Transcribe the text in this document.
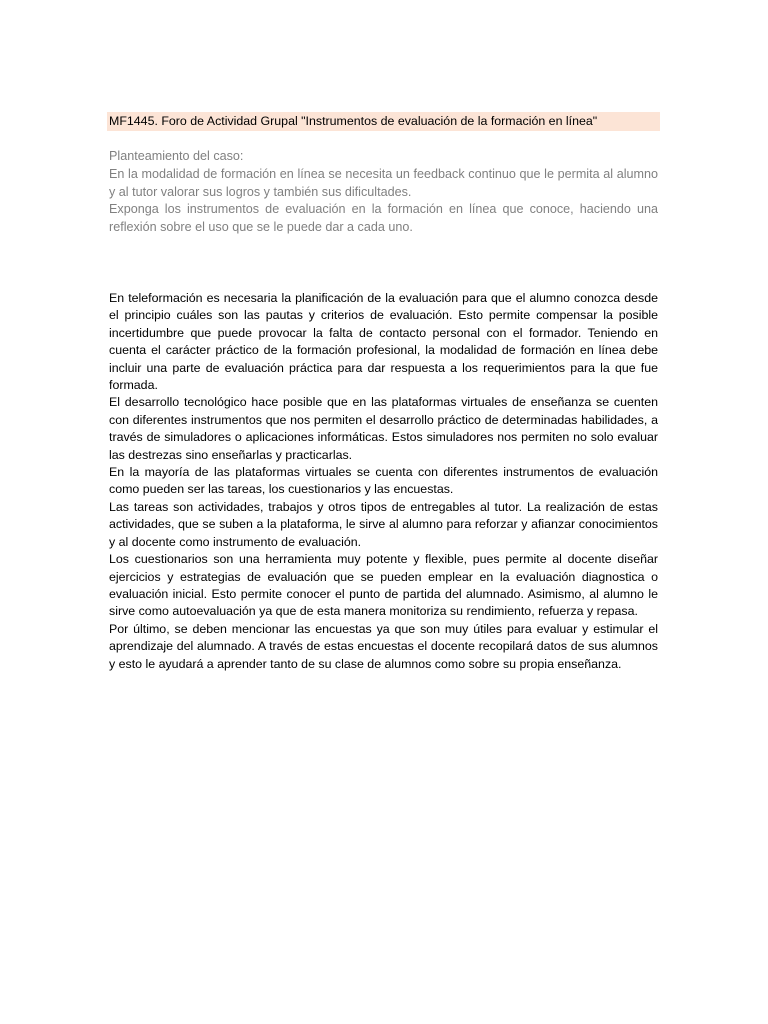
MF1445. Foro de Actividad Grupal "Instrumentos de evaluación de la formación en línea"

Planteamiento del caso:

En la modalidad de formación en línea se necesita un feedback continuo que le permita al alumno y al tutor valorar sus logros y también sus dificultades.

Exponga los instrumentos de evaluación en la formación en línea que conoce, haciendo una reflexión sobre el uso que se le puede dar a cada uno.

En teleformación es necesaria la planificación de la evaluación para que el alumno conozca desde el principio cuáles son las pautas y criterios de evaluación. Esto permite compensar la posible incertidumbre que puede provocar la falta de contacto personal con el formador. Teniendo en cuenta el carácter práctico de la formación profesional, la modalidad de formación en línea debe incluir una parte de evaluación práctica para dar respuesta a los requerimientos para la que fue formada.

El desarrollo tecnológico hace posible que en las plataformas virtuales de enseñanza se cuenten con diferentes instrumentos que nos permiten el desarrollo práctico de determinadas habilidades, a través de simuladores o aplicaciones informáticas. Estos simuladores nos permiten no solo evaluar las destrezas sino enseñarlas y practicarlas.

En la mayoría de las plataformas virtuales se cuenta con diferentes instrumentos de evaluación como pueden ser las tareas, los cuestionarios y las encuestas.

Las tareas son actividades, trabajos y otros tipos de entregables al tutor. La realización de estas actividades, que se suben a la plataforma, le sirve al alumno para reforzar y afianzar conocimientos y al docente como instrumento de evaluación.

Los cuestionarios son una herramienta muy potente y flexible, pues permite al docente diseñar ejercicios y estrategias de evaluación que se pueden emplear en la evaluación diagnostica o evaluación inicial. Esto permite conocer el punto de partida del alumnado. Asimismo, al alumno le sirve como autoevaluación ya que de esta manera monitoriza su rendimiento, refuerza y repasa.

Por último, se deben mencionar las encuestas ya que son muy útiles para evaluar y estimular el aprendizaje del alumnado. A través de estas encuestas el docente recopilará datos de sus alumnos y esto le ayudará a aprender tanto de su clase de alumnos como sobre su propia enseñanza.
